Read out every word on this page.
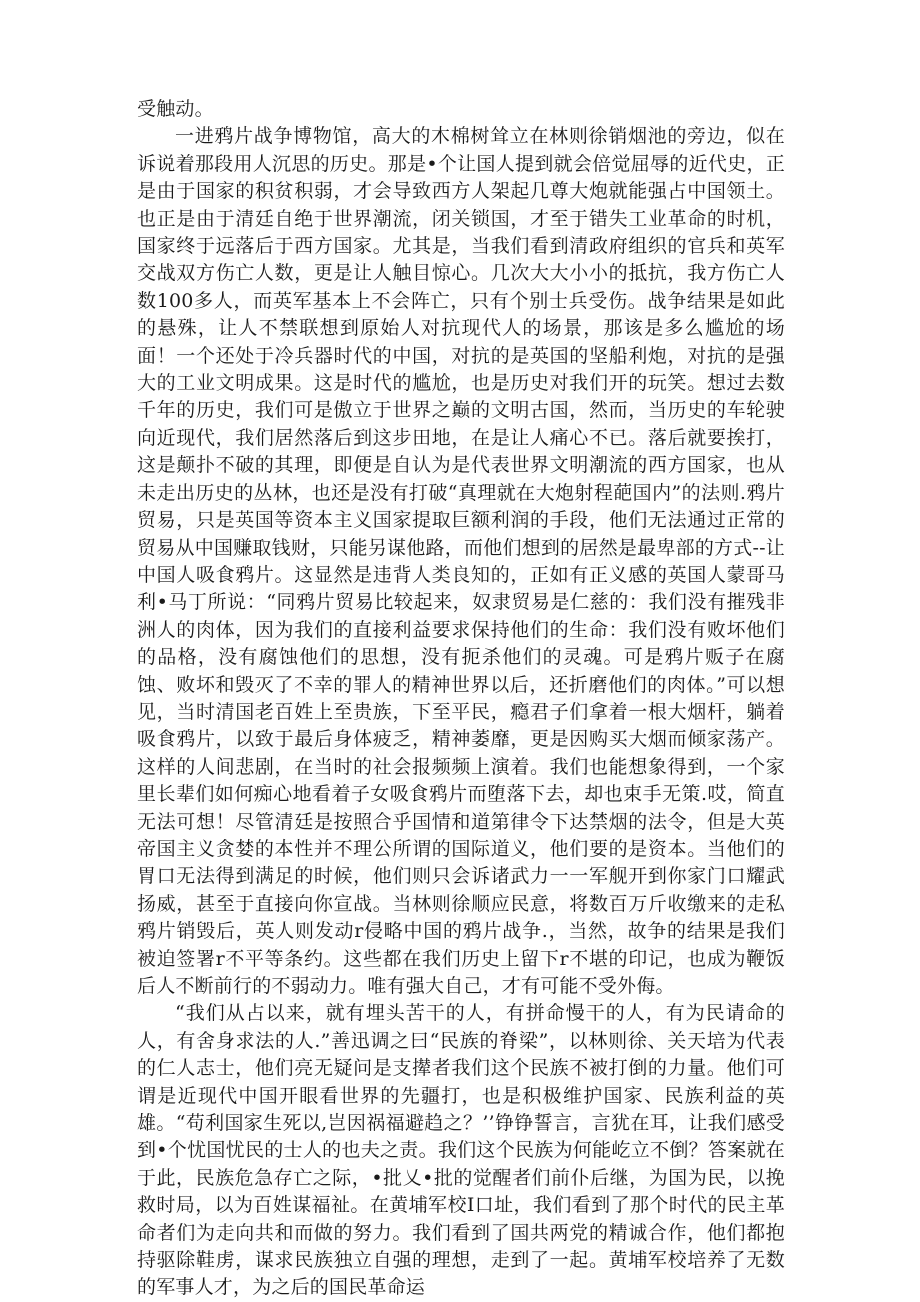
受触动。

一进鸦片战争博物馆，高大的木棉树耸立在林则徐销烟池的旁边，似在诉说着那段用人沉思的历史。那是•个让国人提到就会倍觉屈辱的近代史，正是由于国家的积贫积弱，才会导致西方人架起几尊大炮就能强占中国领土。也正是由于清廷自绝于世界潮流，闭关锁国，才至于错失工业革命的时机，国家终于远落后于西方国家。尤其是，当我们看到清政府组织的官兵和英军交战双方伤亡人数，更是让人触目惊心。几次大大小小的抵抗，我方伤亡人数100多人，而英军基本上不会阵亡，只有个别士兵受伤。战争结果是如此的悬殊，让人不禁联想到原始人对抗现代人的场景，那该是多么尴尬的场面！一个还处于冷兵器时代的中国，对抗的是英国的坚船利炮，对抗的是强大的工业文明成果。这是时代的尴尬，也是历史对我们开的玩笑。想过去数千年的历史，我们可是傲立于世界之巅的文明古国，然而，当历史的车轮驶向近现代，我们居然落后到这步田地，在是让人痛心不已。落后就要挨打，这是颠扑不破的其理，即便是自认为是代表世界文明潮流的西方国家，也从未走出历史的丛林，也还是没有打破“真理就在大炮射程葩国内”的法则.鸦片贸易，只是英国等资本主义国家提取巨额利润的手段，他们无法通过正常的贸易从中国赚取钱财，只能另谋他路，而他们想到的居然是最卑部的方式--让中国人吸食鸦片。这显然是违背人类良知的，正如有正义感的英国人蒙哥马利•马丁所说：“同鸦片贸易比较起来，奴隶贸易是仁慈的：我们没有摧残非洲人的肉体，因为我们的直接利益要求保持他们的生命：我们没有败坏他们的品格，没有腐蚀他们的思想，没有扼杀他们的灵魂。可是鸦片贩子在腐蚀、败坏和毁灭了不幸的罪人的精神世界以后，还折磨他们的肉体。”可以想见，当时清国老百姓上至贵族，下至平民，瘾君子们拿着一根大烟杆，躺着吸食鸦片，以致于最后身体疲乏，精神萎靡，更是因购买大烟而倾家荡产。这样的人间悲剧，在当时的社会报频频上演着。我们也能想象得到，一个家里长辈们如何痴心地看着子女吸食鸦片而堕落下去，却也束手无策.哎，简直无法可想！尽管清廷是按照合乎国情和道第律令下达禁烟的法令，但是大英帝国主义贪婪的本性并不理公所谓的国际道义，他们要的是资本。当他们的胃口无法得到满足的时候，他们则只会诉诸武力一一军舰开到你家门口耀武扬威，甚至于直接向你宣战。当林则徐顺应民意，将数百万斤收缴来的走私鸦片销毁后，英人则发动r侵略中国的鸦片战争.，当然，故争的结果是我们被迫签署r不平等条约。这些都在我们历史上留下r不堪的印记，也成为鞭饭后人不断前行的不弱动力。唯有强大自己，才有可能不受外侮。

“我们从占以来，就有埋头苦干的人，有拼命慢干的人，有为民请命的人，有舍身求法的人.”善迅调之曰“民族的脊梁”，以林则徐、关天培为代表的仁人志士，他们亮无疑问是支撵者我们这个民族不被打倒的力量。他们可谓是近现代中国开眼看世界的先疆打，也是积极维护国家、民族利益的英雄。“苟利国家生死以,岂因祸福避趋之？’’铮铮誓言，言犹在耳，让我们感受到•个忧国忧民的士人的也夫之责。我们这个民族为何能屹立不倒？答案就在于此，民族危急存亡之际，•批乂•批的觉醒者们前仆后继，为国为民，以挽救时局，以为百姓谋福祉。在黄埔军校I口址，我们看到了那个时代的民主革命者们为走向共和而做的努力。我们看到了国共两党的精诚合作，他们都抱持驱除鞋虏，谋求民族独立自强的理想，走到了一起。黄埔军校培养了无数的军事人才，为之后的国民革命运
